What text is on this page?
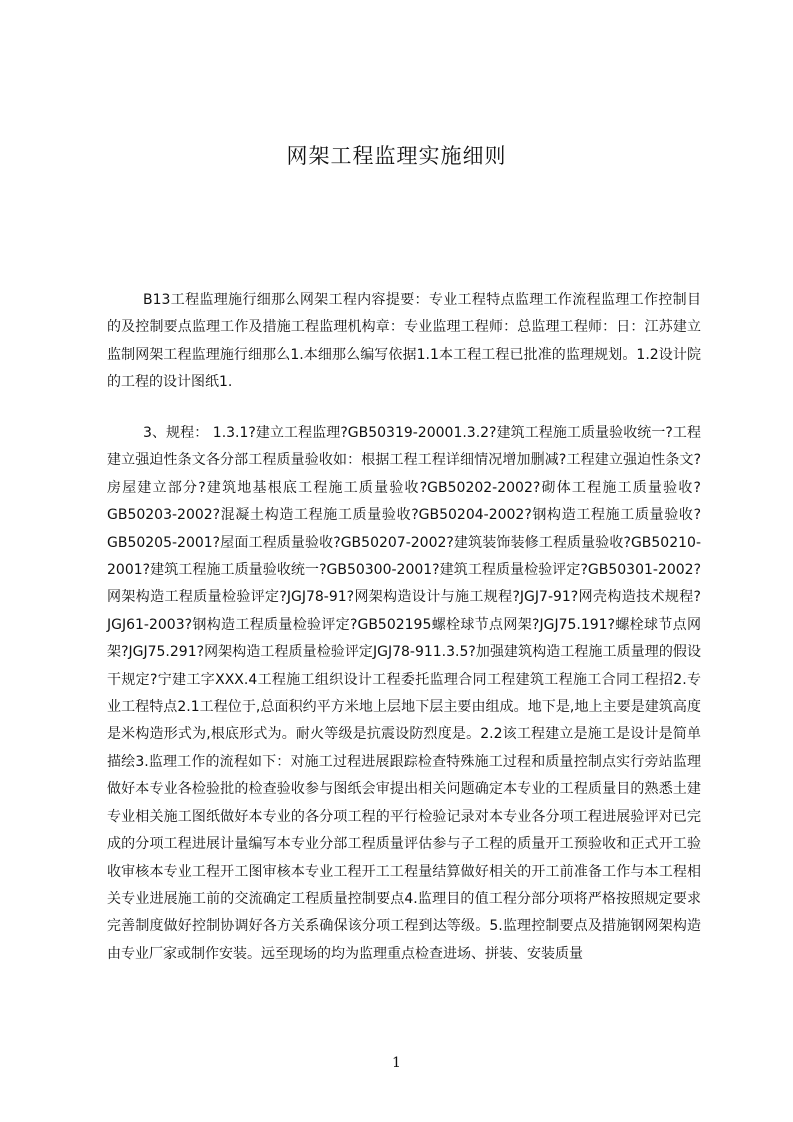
网架工程监理实施细则

B13工程监理施行细那么网架工程内容提要：专业工程特点监理工作流程监理工作控制目的及控制要点监理工作及措施工程监理机构章：专业监理工程师：总监理工程师：日：江苏建立监制网架工程监理施行细那么1.本细那么编写依据1.1本工程工程已批准的监理规划。1.2设计院的工程的设计图纸1.

3、规程： 1.3.1?建立工程监理?GB50319-20001.3.2?建筑工程施工质量验收统一?工程建立强迫性条文各分部工程质量验收如：根据工程工程详细情况增加删减?工程建立强迫性条文?房屋建立部分?建筑地基根底工程施工质量验收?GB50202-2002?砌体工程施工质量验收?GB50203-2002?混凝土构造工程施工质量验收?GB50204-2002?钢构造工程施工质量验收?GB50205-2001?屋面工程质量验收?GB50207-2002?建筑装饰装修工程质量验收?GB50210-2001?建筑工程施工质量验收统一?GB50300-2001?建筑工程质量检验评定?GB50301-2002?网架构造工程质量检验评定?JGJ78-91?网架构造设计与施工规程?JGJ7-91?网壳构造技术规程?JGJ61-2003?钢构造工程质量检验评定?GB502195螺栓球节点网架?JGJ75.191?螺栓球节点网架?JGJ75.291?网架构造工程质量检验评定JGJ78-911.3.5?加强建筑构造工程施工质量理的假设干规定?宁建工字XXX.4工程施工组织设计工程委托监理合同工程建筑工程施工合同工程招2.专业工程特点2.1工程位于,总面积约平方米地上层地下层主要由组成。地下是,地上主要是建筑高度是米构造形式为,根底形式为。耐火等级是抗震设防烈度是。2.2该工程建立是施工是设计是简单描绘3.监理工作的流程如下：对施工过程进展跟踪检查特殊施工过程和质量控制点实行旁站监理做好本专业各检验批的检查验收参与图纸会审提出相关问题确定本专业的工程质量目的熟悉土建专业相关施工图纸做好本专业的各分项工程的平行检验记录对本专业各分项工程进展验评对已完成的分项工程进展计量编写本专业分部工程质量评估参与子工程的质量开工预验收和正式开工验收审核本专业工程开工图审核本专业工程开工工程量结算做好相关的开工前准备工作与本工程相关专业进展施工前的交流确定工程质量控制要点4.监理目的值工程分部分项将严格按照规定要求完善制度做好控制协调好各方关系确保该分项工程到达等级。5.监理控制要点及措施钢网架构造由专业厂家或制作安装。远至现场的均为监理重点检查进场、拼装、安装质量

1
